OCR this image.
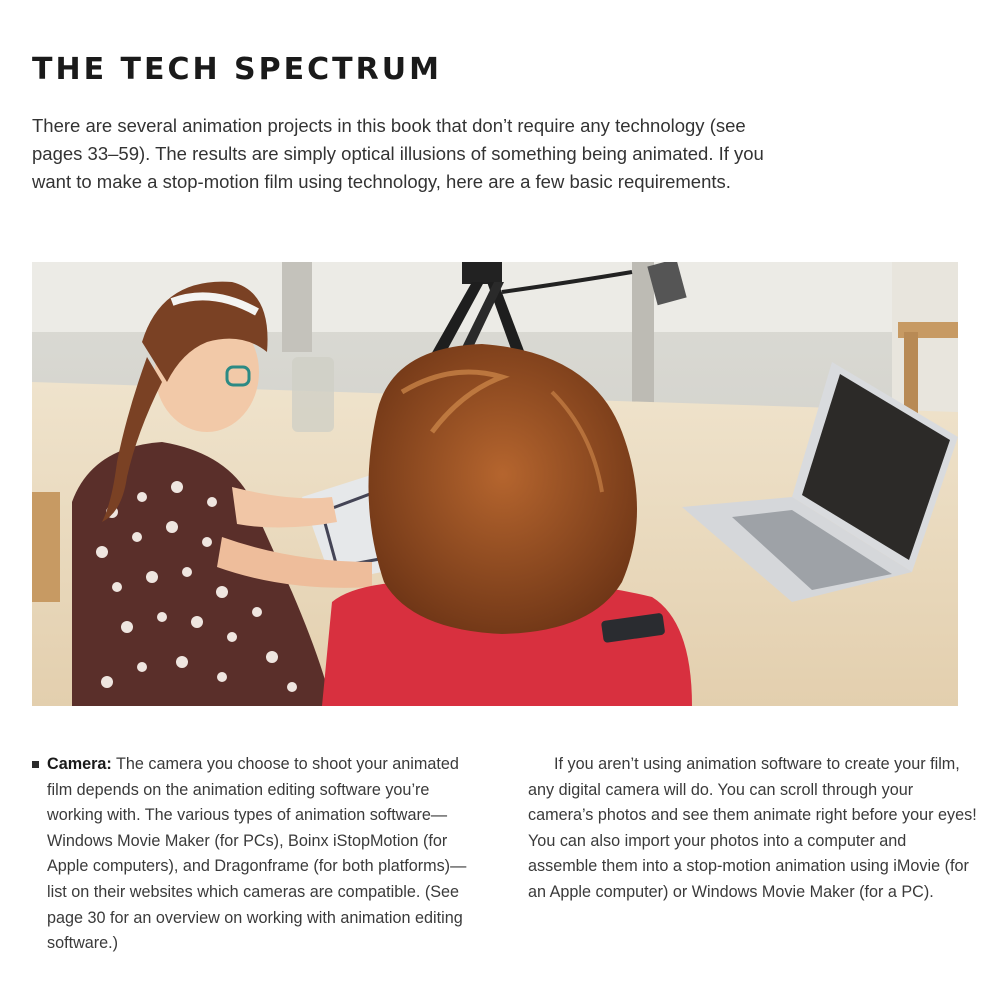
THE TECH SPECTRUM

There are several animation projects in this book that don’t require any technology (see pages 33–59). The results are simply optical illusions of something being animated. If you want to make a stop-motion film using technology, here are a few basic requirements.

Camera: The camera you choose to shoot your animated film depends on the animation editing software you’re working with. The various types of animation software—Windows Movie Maker (for PCs), Boinx iStopMotion (for Apple computers), and Dragonframe (for both platforms)—list on their websites which cameras are compatible. (See page 30 for an overview on working with animation editing software.)

If you aren’t using animation software to create your film, any digital camera will do. You can scroll through your camera’s photos and see them animate right before your eyes! You can also import your photos into a computer and assemble them into a stop-motion animation using iMovie (for an Apple computer) or Windows Movie Maker (for a PC).
